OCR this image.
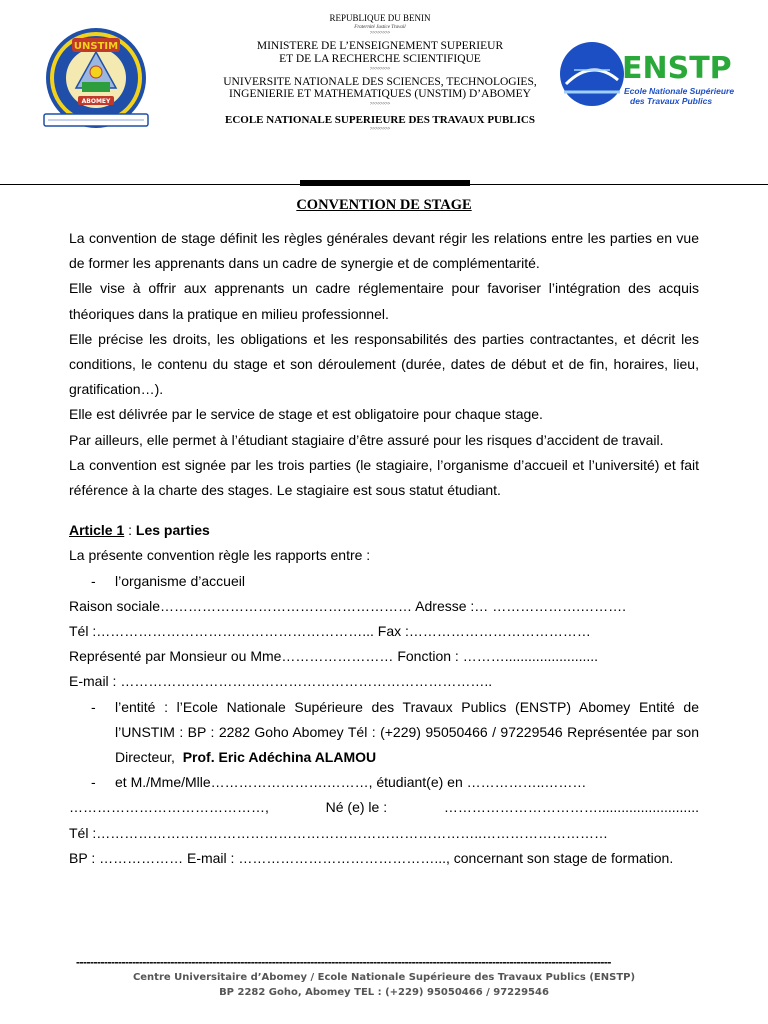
UNSTIM
ABOMEY
REPUBLIQUE DU BENIN
Fraternité Justice Travail
>>>>>>>>
MINISTERE DE L’ENSEIGNEMENT SUPERIEUR
ET DE LA RECHERCHE SCIENTIFIQUE
>>>>>>>>
UNIVERSITE NATIONALE DES SCIENCES, TECHNOLOGIES,
INGENIERIE ET MATHEMATIQUES (UNSTIM) D’ABOMEY
>>>>>>>>
ECOLE NATIONALE SUPERIEURE DES TRAVAUX PUBLICS
>>>>>>>>
ENSTP
Ecole Nationale Supérieure
des Travaux Publics
CONVENTION DE STAGE

La convention de stage définit les règles générales devant régir les relations entre les parties en vue de former les apprenants dans un cadre de synergie et de complémentarité.

Elle vise à offrir aux apprenants un cadre réglementaire pour favoriser l’intégration des acquis théoriques dans la pratique en milieu professionnel.

Elle précise les droits, les obligations et les responsabilités des parties contractantes, et décrit les conditions, le contenu du stage et son déroulement (durée, dates de début et de fin, horaires, lieu, gratification…).

Elle est délivrée par le service de stage et est obligatoire pour chaque stage.

Par ailleurs, elle permet à l’étudiant stagiaire d’être assuré pour les risques d’accident de travail.

La convention est signée par les trois parties (le stagiaire, l’organisme d’accueil et l’université) et fait référence à la charte des stages. Le stagiaire est sous statut étudiant.

Article 1 : Les parties

La présente convention règle les rapports entre :

-	l’organisme d’accueil

Raison sociale……………………………………………… Adresse :… ……………….……….

Tél :…………………………………………………... Fax :…………………………………

Représenté par Monsieur ou Mme…………………… Fonction : ………........................

E-mail : ……………………………………………………………………..

-	l’entité : l’Ecole Nationale Supérieure des Travaux Publics (ENSTP) Abomey Entité de l’UNSTIM : BP : 2282 Goho Abomey Tél : (+229) 95050466 / 97229546 Représentée par son Directeur, Prof. Eric Adéchina ALAMOU
-	et M./Mme/Mlle…………………….………, étudiant(e) en ……………..………
……………………………………,	Né (e) le :	……………………………..........................

Tél :………………………………………………………………………..………………………

BP : ……………… E-mail : ……………………………………..., concernant son stage de formation.

---------------------------------------------------------------------------------------------------------------------------------------------------------
Centre Universitaire d’Abomey / Ecole Nationale Supérieure des Travaux Publics (ENSTP)
BP 2282 Goho, Abomey TEL : (+229) 95050466 / 97229546
